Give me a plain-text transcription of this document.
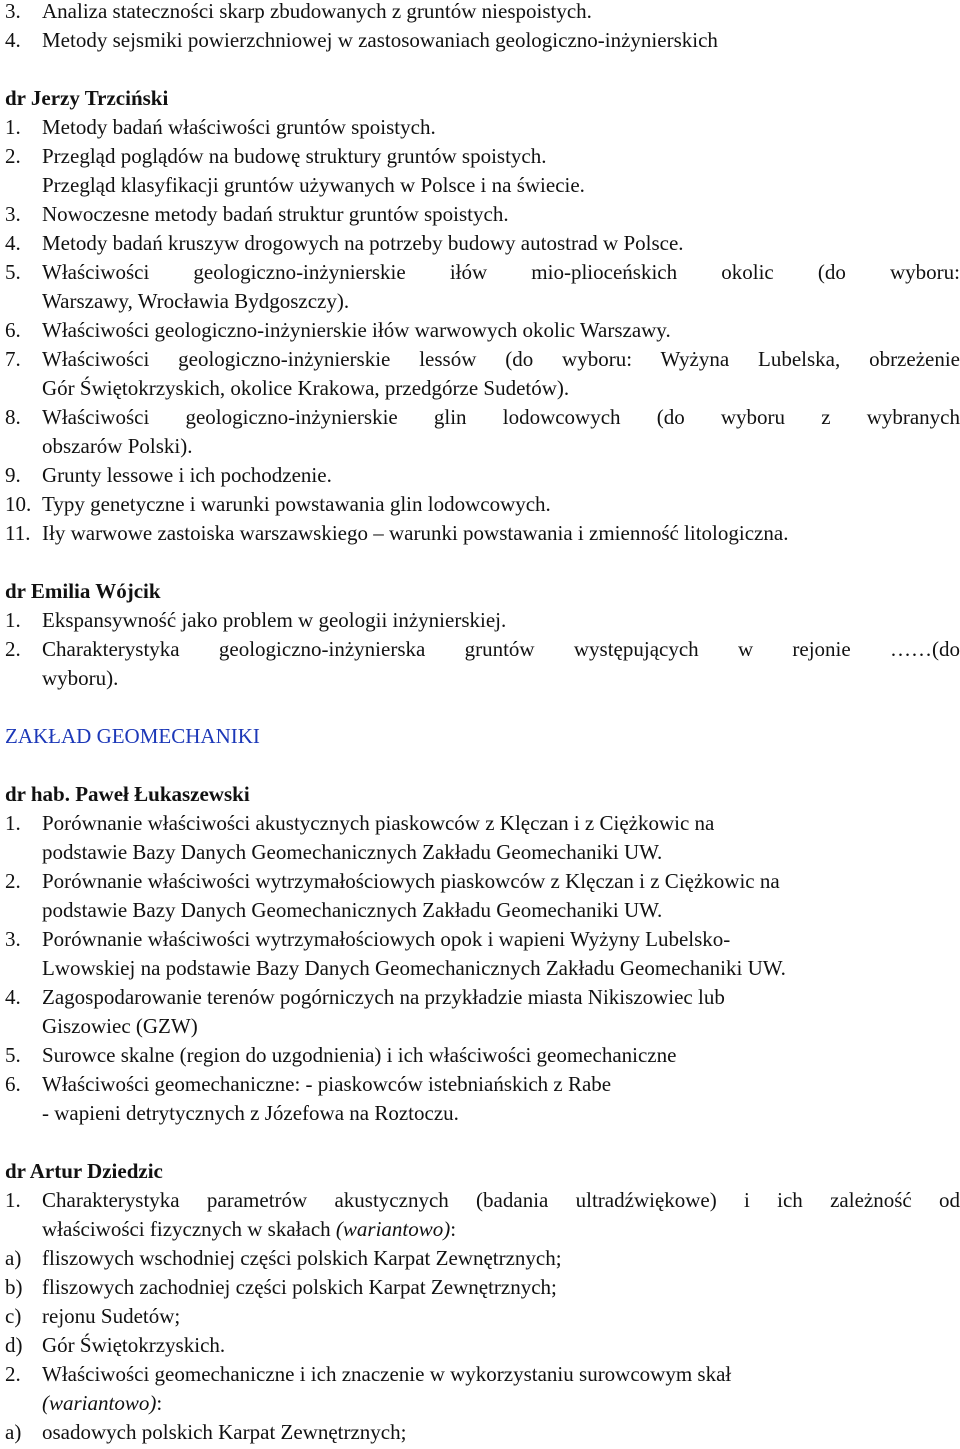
3. Analiza stateczności skarp zbudowanych z gruntów niespoistych.
4. Metody sejsmiki powierzchniowej w zastosowaniach geologiczno-inżynierskich
dr Jerzy Trzciński
1. Metody badań właściwości gruntów spoistych.
2. Przegląd poglądów na budowę struktury gruntów spoistych.
Przegląd klasyfikacji gruntów używanych w Polsce i na świecie.
3. Nowoczesne metody badań struktur gruntów spoistych.
4. Metody badań kruszyw drogowych na potrzeby budowy autostrad w Polsce.
5. Właściwości geologiczno-inżynierskie iłów mio-plioceńskich okolic (do wyboru:
Warszawy, Wrocławia Bydgoszczy).
6. Właściwości geologiczno-inżynierskie iłów warwowych okolic Warszawy.
7. Właściwości geologiczno-inżynierskie lessów (do wyboru: Wyżyna Lubelska, obrzeżenie
Gór Świętokrzyskich, okolice Krakowa, przedgórze Sudetów).
8. Właściwości geologiczno-inżynierskie glin lodowcowych (do wyboru z wybranych
obszarów Polski).
9. Grunty lessowe i ich pochodzenie.
10. Typy genetyczne i warunki powstawania glin lodowcowych.
11. Iły warwowe zastoiska warszawskiego – warunki powstawania i zmienność litologiczna.
dr Emilia Wójcik
1. Ekspansywność jako problem w geologii inżynierskiej.
2. Charakterystyka geologiczno-inżynierska gruntów występujących w rejonie ……(do
wyboru).
ZAKŁAD GEOMECHANIKI
dr hab. Paweł Łukaszewski
1. Porównanie właściwości akustycznych piaskowców z Klęczan i z Ciężkowic na
podstawie Bazy Danych Geomechanicznych Zakładu Geomechaniki UW.
2. Porównanie właściwości wytrzymałościowych piaskowców z Klęczan i z Ciężkowic na
podstawie Bazy Danych Geomechanicznych Zakładu Geomechaniki UW.
3. Porównanie właściwości wytrzymałościowych opok i wapieni Wyżyny Lubelsko-
Lwowskiej na podstawie Bazy Danych Geomechanicznych Zakładu Geomechaniki UW.
4. Zagospodarowanie terenów pogórniczych na przykładzie miasta Nikiszowiec lub
Giszowiec (GZW)
5. Surowce skalne (region do uzgodnienia) i ich właściwości geomechaniczne
6. Właściwości geomechaniczne: - piaskowców istebniańskich z Rabe
- wapieni detrytycznych z Józefowa na Roztoczu.
dr Artur Dziedzic
1. Charakterystyka parametrów akustycznych (badania ultradźwiękowe) i ich zależność od
właściwości fizycznych w skałach (wariantowo):
a) fliszowych wschodniej części polskich Karpat Zewnętrznych;
b) fliszowych zachodniej części polskich Karpat Zewnętrznych;
c) rejonu Sudetów;
d) Gór Świętokrzyskich.
2. Właściwości geomechaniczne i ich znaczenie w wykorzystaniu surowcowym skał
(wariantowo):
a) osadowych polskich Karpat Zewnętrznych;
